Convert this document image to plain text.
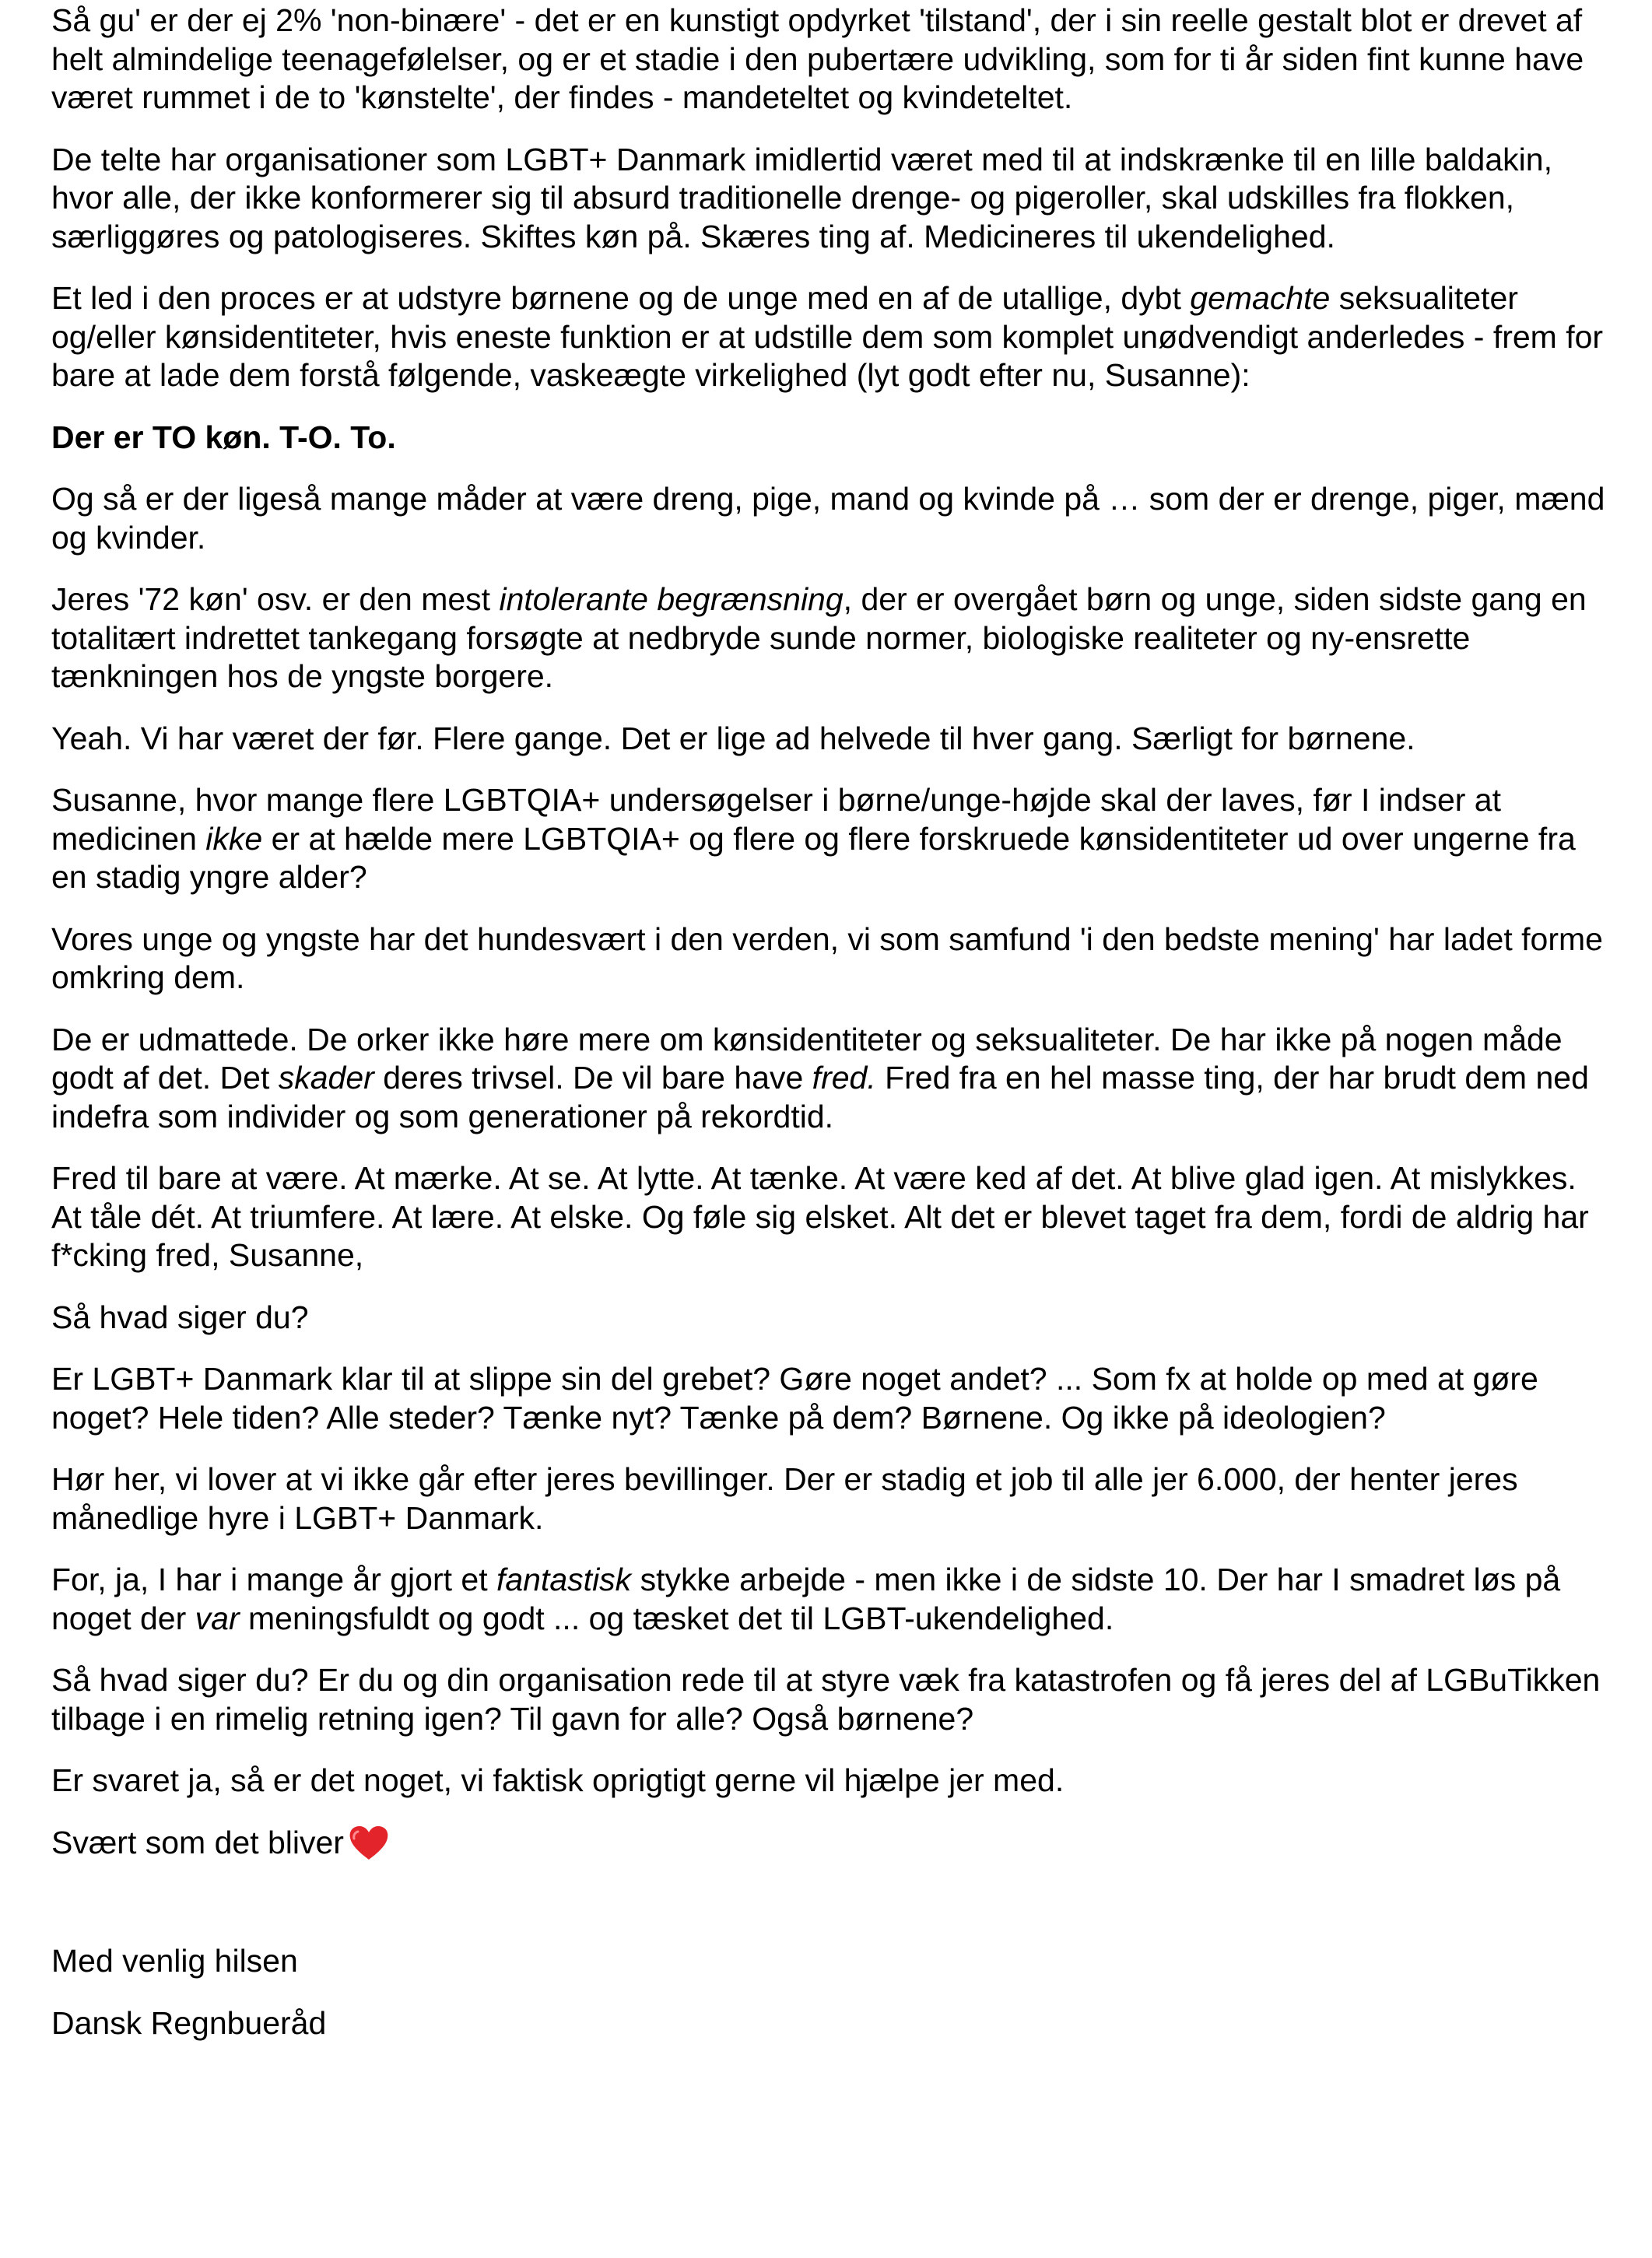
Så gu' er der ej 2% 'non-binære' - det er en kunstigt opdyrket 'tilstand', der i sin reelle gestalt blot er drevet af helt almindelige teenagefølelser, og er et stadie i den pubertære udvikling, som for ti år siden fint kunne have været rummet i de to 'kønstelte', der findes - mandeteltet og kvindeteltet.

De telte har organisationer som LGBT+ Danmark imidlertid været med til at indskrænke til en lille baldakin, hvor alle, der ikke konformerer sig til absurd traditionelle drenge- og pigeroller, skal udskilles fra flokken, særliggøres og patologiseres. Skiftes køn på. Skæres ting af. Medicineres til ukendelighed.

Et led i den proces er at udstyre børnene og de unge med en af de utallige, dybt gemachte seksualiteter og/eller kønsidentiteter, hvis eneste funktion er at udstille dem som komplet unødvendigt anderledes - frem for bare at lade dem forstå følgende, vaskeægte virkelighed (lyt godt efter nu, Susanne):

Der er TO køn. T-O. To.

Og så er der ligeså mange måder at være dreng, pige, mand og kvinde på … som der er drenge, piger, mænd og kvinder.

Jeres '72 køn' osv. er den mest intolerante begrænsning, der er overgået børn og unge, siden sidste gang en totalitært indrettet tankegang forsøgte at nedbryde sunde normer, biologiske realiteter og ny-ensrette tænkningen hos de yngste borgere.

Yeah. Vi har været der før. Flere gange. Det er lige ad helvede til hver gang. Særligt for børnene.

Susanne, hvor mange flere LGBTQIA+ undersøgelser i børne/unge-højde skal der laves, før I indser at medicinen ikke er at hælde mere LGBTQIA+ og flere og flere forskruede kønsidentiteter ud over ungerne fra en stadig yngre alder?

Vores unge og yngste har det hundesvært i den verden, vi som samfund 'i den bedste mening' har ladet forme omkring dem.

De er udmattede. De orker ikke høre mere om kønsidentiteter og seksualiteter. De har ikke på nogen måde godt af det. Det skader deres trivsel. De vil bare have fred. Fred fra en hel masse ting, der har brudt dem ned indefra som individer og som generationer på rekordtid.

Fred til bare at være. At mærke. At se. At lytte. At tænke. At være ked af det. At blive glad igen. At mislykkes. At tåle dét. At triumfere. At lære. At elske. Og føle sig elsket. Alt det er blevet taget fra dem, fordi de aldrig har f*cking fred, Susanne,

Så hvad siger du?

Er LGBT+ Danmark klar til at slippe sin del grebet? Gøre noget andet? ... Som fx at holde op med at gøre noget? Hele tiden? Alle steder? Tænke nyt? Tænke på dem? Børnene. Og ikke på ideologien?

Hør her, vi lover at vi ikke går efter jeres bevillinger. Der er stadig et job til alle jer 6.000, der henter jeres månedlige hyre i LGBT+ Danmark.

For, ja, I har i mange år gjort et fantastisk stykke arbejde - men ikke i de sidste 10. Der har I smadret løs på noget der var meningsfuldt og godt ... og tæsket det til LGBT-ukendelighed.

Så hvad siger du? Er du og din organisation rede til at styre væk fra katastrofen og få jeres del af LGBuTikken tilbage i en rimelig retning igen? Til gavn for alle? Også børnene?

Er svaret ja, så er det noget, vi faktisk oprigtigt gerne vil hjælpe jer med.

Svært som det bliver

Med venlig hilsen

Dansk Regnbueråd
